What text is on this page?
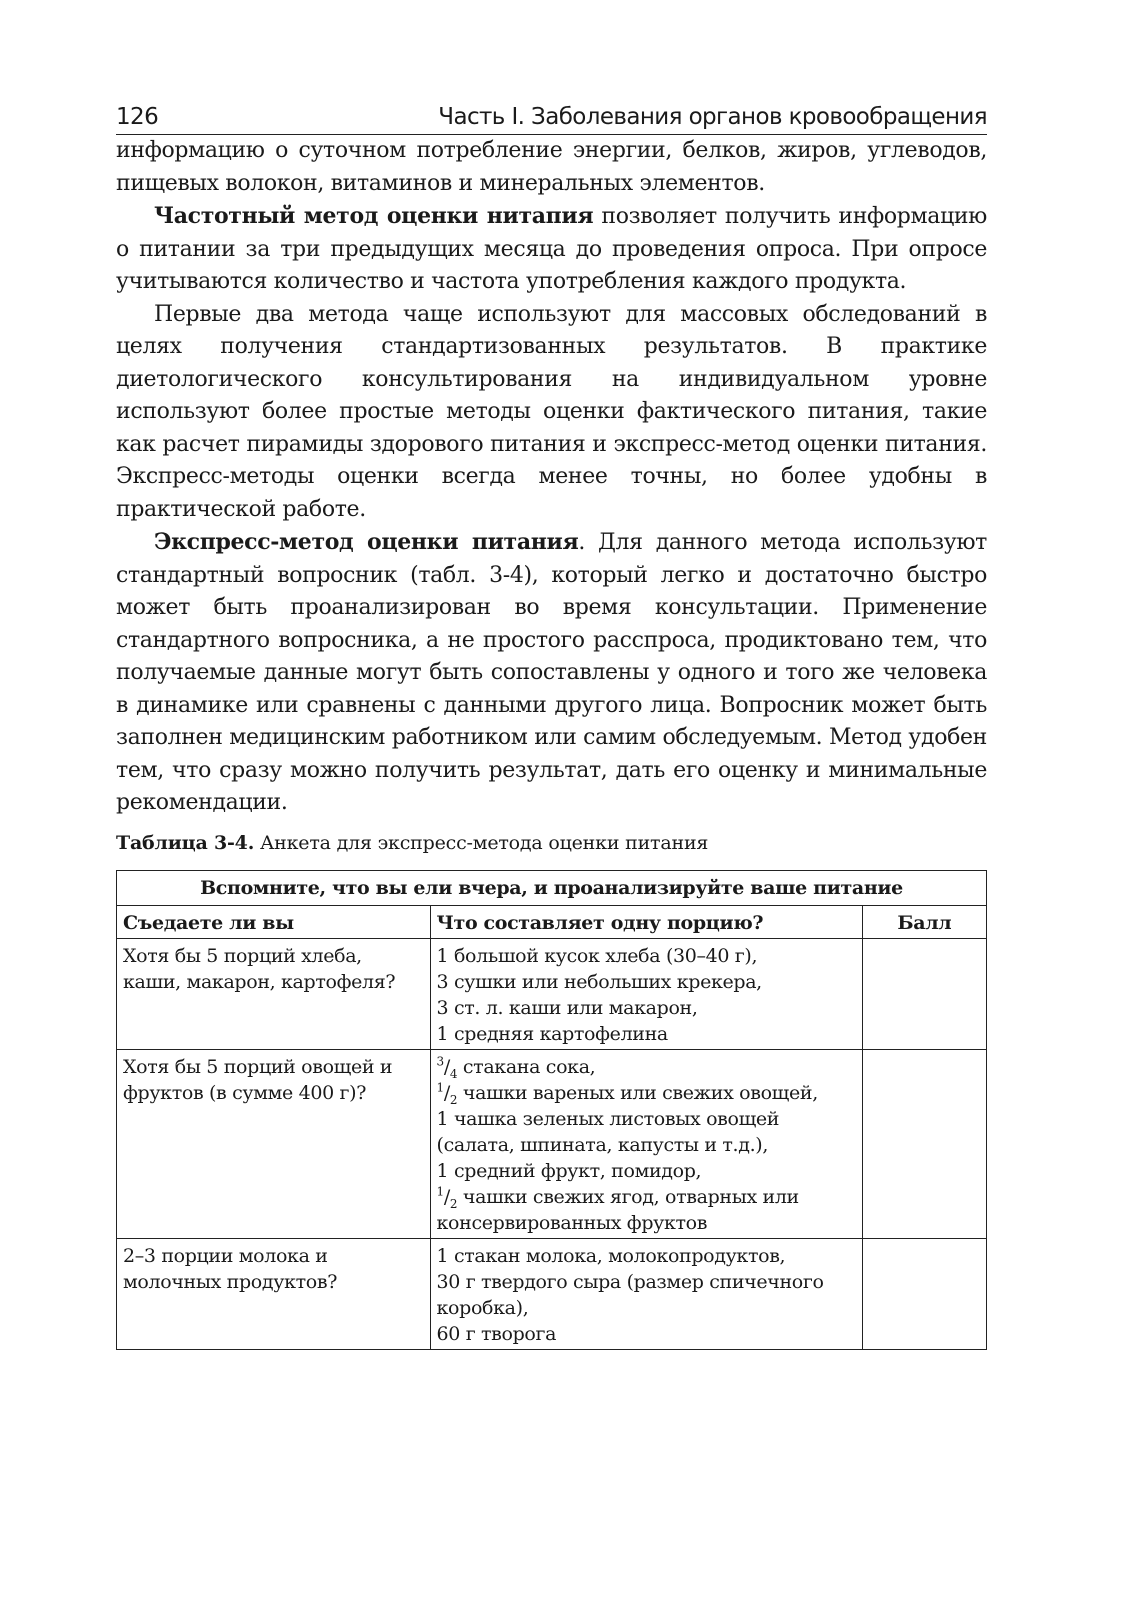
126	Часть I. Заболевания органов кровообращения

информацию о суточном потребление энергии, белков, жиров, углеводов, пищевых волокон, витаминов и минеральных элементов.

Частотный метод оценки нитапия позволяет получить информацию о питании за три предыдущих месяца до проведения опроса. При опросе учитываются количество и частота употребления каждого продукта.

Первые два метода чаще используют для массовых обследований в целях получения стандартизованных результатов. В практике диетологического консультирования на индивидуальном уровне используют более простые методы оценки фактического питания, такие как расчет пирамиды здорового питания и экспресс-метод оценки питания. Экспресс-методы оценки всегда менее точны, но более удобны в практической работе.

Экспресс-метод оценки питания. Для данного метода используют стандартный вопросник (табл. 3-4), который легко и достаточно быстро может быть проанализирован во время консультации. Применение стандартного вопросника, а не простого расспроса, продиктовано тем, что получаемые данные могут быть сопоставлены у одного и того же человека в динамике или сравнены с данными другого лица. Вопросник может быть заполнен медицинским работником или самим обследуемым. Метод удобен тем, что сразу можно получить результат, дать его оценку и минимальные рекомендации.

Таблица 3-4. Анкета для экспресс-метода оценки питания
Вспомните, что вы ели вчера, и проанализируйте ваше питание		
Съедаете ли вы	Что составляет одну порцию?	Балл
Хотя бы 5 порций хлеба, каши, макарон, картофеля?	1 большой кусок хлеба (30–40 г),
3 сушки или небольших крекера,
3 ст. л. каши или макарон,
1 средняя картофелина	

Хотя бы 5 порций овощей и фруктов (в сумме 400 г)?	$^3/_4$ стакана сока,
$^1/_2$ чашки вареных или свежих овощей,
1 чашка зеленых листовых овощей (салата, шпината, капусты и т.д.),
1 средний фрукт, помидор,
$^1/_2$ чашки свежих ягод, отварных или консервированных фруктов	

2–3 порции молока и молочных продуктов?	1 стакан молока, молокопродуктов,
30 г твердого сыра (размер спичечного коробка),
60 г творога	
